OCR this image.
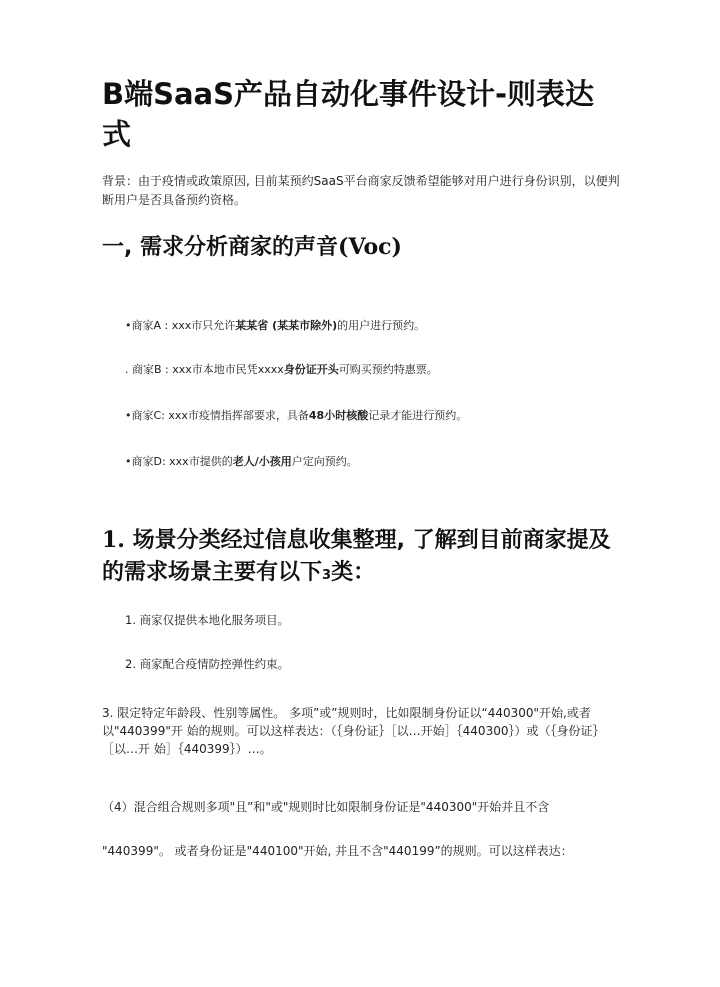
B端SaaS产品自动化事件设计-则表达式

背景：由于疫情或政策原因, 目前某预约SaaS平台商家反馈希望能够对用户进行身份识别，以便判断用户是否具备预约资格。

一, 需求分析商家的声音(Voc)

•商家A : xxx市只允许某某省 (某某市除外)的用户进行预约。

. 商家B : xxx市本地市民凭xxxx身份证开头可购买预约特惠票。

•商家C: xxx市疫情指挥部要求，具备48小时核酸记录才能进行预约。

•商家D: xxx市提供的老人/小孩用户定向预约。

1. 场景分类经过信息收集整理, 了解到目前商家提及的需求场景主要有以下3类：

1. 商家仅提供本地化服务项目。

2. 商家配合疫情防控弹性约束。

3. 限定特定年龄段、性别等属性。 多项”或”规则时，比如限制身份证以“440300"开始,或者以"440399"开 始的规则。可以这样表达：（｛身份证｝［以…开始］｛440300｝）或（｛身份证｝［以…开 始］｛440399｝）…。

（4）混合组合规则多项"且”和"或"规则时比如限制身份证是"440300"开始并且不含

"440399"。 或者身份证是"440100"开始, 并且不含"440199”的规则。可以这样表达：
